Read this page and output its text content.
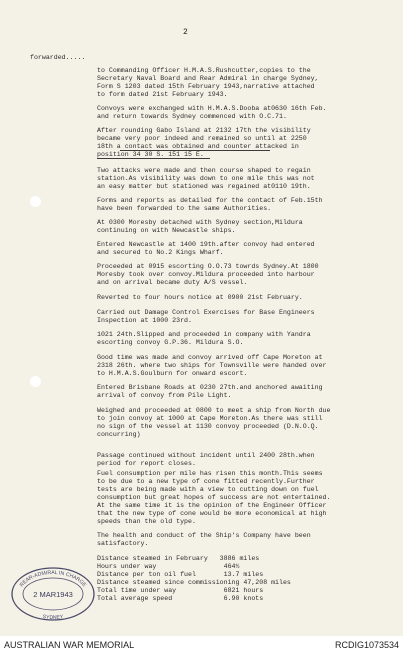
2
forwarded.....
to Commanding Officer H.M.A.S.Rushcutter,copies to the
Secretary Naval Board and Rear Admiral in charge Sydney,
Form S 1203 dated 15th February 1943,narrative attached
to form dated 21st February 1943.
Convoys were exchanged with H.M.A.S.Dooba at0630 16th Feb.
and return towards Sydney commenced with O.C.71.
After rounding Gabo Island at 2132 17th the visibility
became very poor indeed and remained so until at 2250
18th a contact was obtained and counter attacked in
position 34 30 S. 151 15 E.
Two attacks were made and then course shaped to regain
station.As visibility was down to one mile this was not
an easy matter but stationed was regained at0110 19th.
Forms and reports as detailed for the contact of Feb.15th
have been forwarded to the same Authorities.
At 0300 Moresby detached with Sydney section,Mildura
continuing on with Newcastle ships.
Entered Newcastle at 1400 19th.after convoy had entered
and secured to No.2 Kings Wharf.
Proceeded at 0915 escorting O.O.73 towrds Sydney.At 1800
Moresby took over convoy.Mildura proceeded into harbour
and on arrival became duty A/S vessel.
Reverted to four hours notice at 0900 21st February.
Carried out Damage Control Exercises for Base Engineers
Inspection at 1000 23rd.
1021 24th.Slipped and proceeded in company with Yandra
escorting convoy G.P.36. Mildura S.O.
Good time was made and convoy arrived off Cape Moreton at
2318 26th. where two ships for Townsville were handed over
to H.M.A.S.Goulburn for onward escort.
Entered Brisbane Roads at 0230 27th.and anchored awaiting
arrival of convoy from Pile Light.
Weighed and proceeded at 0800 to meet a ship from North due
to join convoy at 1000 at Cape Moreton.As there was still
no sign of the vessel at 1130 convoy proceeded (D.N.O.Q.
concurring)
Passage continued without incident until 2400 28th.when
period for report closes.
Fuel consumption per mile has risen this month.This seems
to be due to a new type of cone fitted recently.Further
tests are being made with a view to cutting down on fuel
consumption but great hopes of success are not entertained.
At the same time it is the opinion of the Engineer Officer
that the new type of cone would be more economical at high
speeds than the old type.
The health and conduct of the Ship's Company have been
satisfactory.
Distance steamed in February   3886 miles
Hours under way                 464½
Distance per ton oil fuel       13.7 miles
Distance steamed since commissioning 47,208 miles
Total time under way            6821 hours
Total average speed             6.90 knots
REAR-ADMIRAL IN CHARGE
2 MAR1943
SYDNEY
AUSTRALIAN WAR MEMORIAL	RCDIG1073534
